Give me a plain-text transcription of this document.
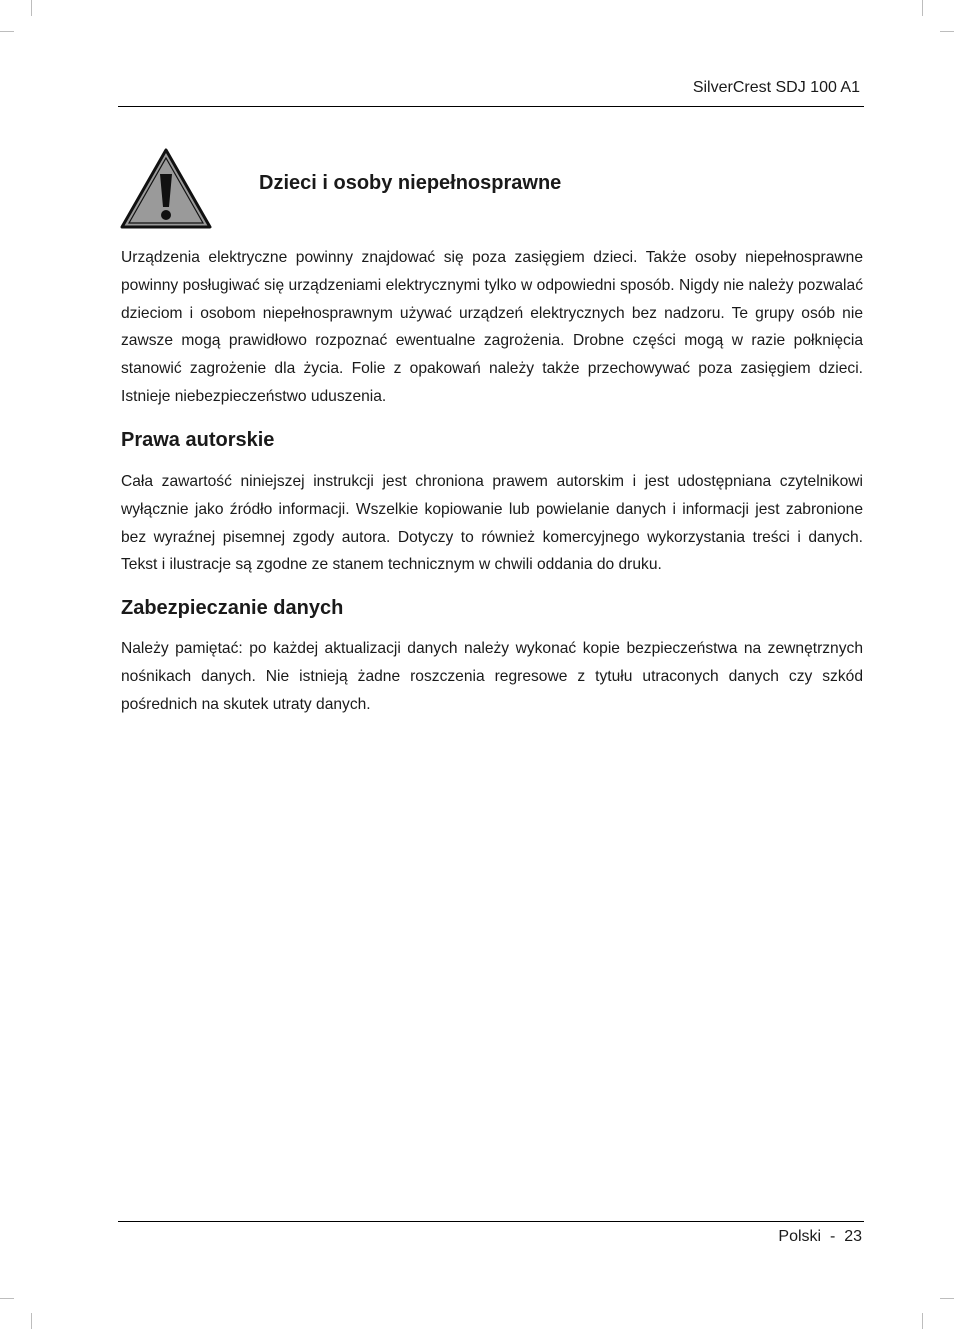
SilverCrest SDJ 100 A1
Dzieci i osoby niepełnosprawne

Urządzenia elektryczne powinny znajdować się poza zasięgiem dzieci. Także osoby niepełnosprawne powinny posługiwać się urządzeniami elektrycznymi tylko w odpowiedni sposób. Nigdy nie należy pozwalać dzieciom i osobom niepełnosprawnym używać urządzeń elektrycznych bez nadzoru. Te grupy osób nie zawsze mogą prawidłowo rozpoznać ewentualne zagrożenia. Drobne części mogą w razie połknięcia stanowić zagrożenie dla życia. Folie z opakowań należy także przechowywać poza zasięgiem dzieci. Istnieje niebezpieczeństwo uduszenia.

Prawa autorskie

Cała zawartość niniejszej instrukcji jest chroniona prawem autorskim i jest udostępniana czytelnikowi wyłącznie jako źródło informacji. Wszelkie kopiowanie lub powielanie danych i informacji jest zabronione bez wyraźnej pisemnej zgody autora. Dotyczy to również komercyjnego wykorzystania treści i danych. Tekst i ilustracje są zgodne ze stanem technicznym w chwili oddania do druku.

Zabezpieczanie danych

Należy pamiętać: po każdej aktualizacji danych należy wykonać kopie bezpieczeństwa na zewnętrznych nośnikach danych. Nie istnieją żadne roszczenia regresowe z tytułu utraconych danych czy szkód pośrednich na skutek utraty danych.

Polski  -  23
